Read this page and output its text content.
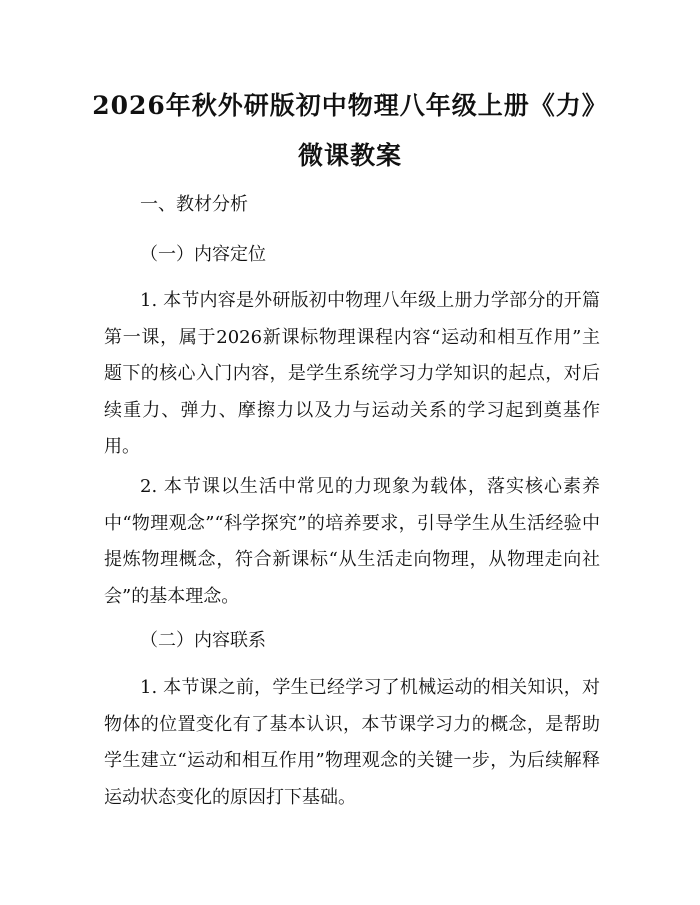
2026年秋外研版初中物理八年级上册《力》
微课教案
一、教材分析
（一）内容定位
1. 本节内容是外研版初中物理八年级上册力学部分的开篇第一课，属于2026新课标物理课程内容“运动和相互作用”主题下的核心入门内容，是学生系统学习力学知识的起点，对后续重力、弹力、摩擦力以及力与运动关系的学习起到奠基作用。
2. 本节课以生活中常见的力现象为载体，落实核心素养中“物理观念”“科学探究”的培养要求，引导学生从生活经验中提炼物理概念，符合新课标“从生活走向物理，从物理走向社会”的基本理念。
（二）内容联系
1. 本节课之前，学生已经学习了机械运动的相关知识，对物体的位置变化有了基本认识，本节课学习力的概念，是帮助学生建立“运动和相互作用”物理观念的关键一步，为后续解释运动状态变化的原因打下基础。
